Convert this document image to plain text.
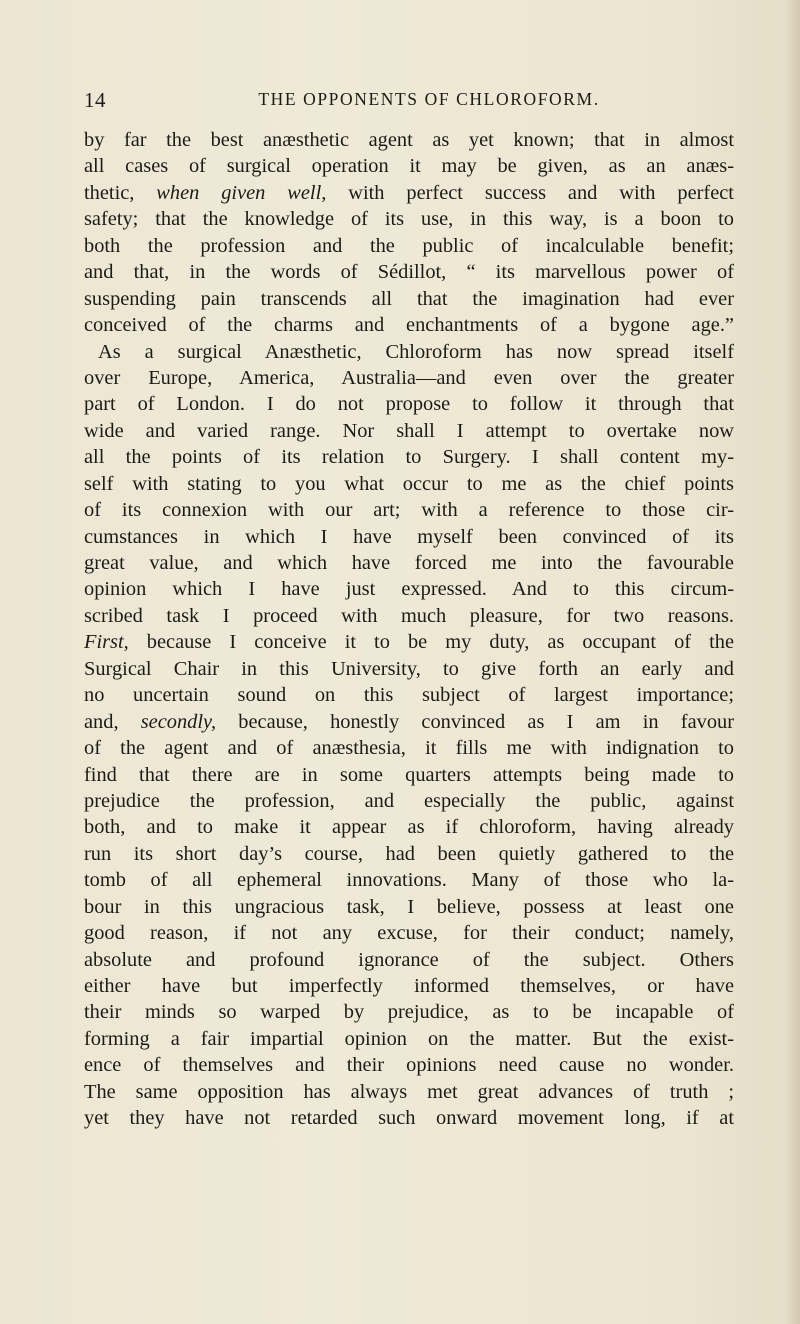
14	THE OPPONENTS OF CHLOROFORM.
by far the best anæsthetic agent as yet known; that in almost
all cases of surgical operation it may be given, as an anæs-
thetic, when given well, with perfect success and with perfect
safety; that the knowledge of its use, in this way, is a boon to
both the profession and the public of incalculable benefit;
and that, in the words of Sédillot, “ its marvellous power of
suspending pain transcends all that the imagination had ever
conceived of the charms and enchantments of a bygone age.”
As a surgical Anæsthetic, Chloroform has now spread itself
over Europe, America, Australia—and even over the greater
part of London. I do not propose to follow it through that
wide and varied range. Nor shall I attempt to overtake now
all the points of its relation to Surgery. I shall content my-
self with stating to you what occur to me as the chief points
of its connexion with our art; with a reference to those cir-
cumstances in which I have myself been convinced of its
great value, and which have forced me into the favourable
opinion which I have just expressed. And to this circum-
scribed task I proceed with much pleasure, for two reasons.
First, because I conceive it to be my duty, as occupant of the
Surgical Chair in this University, to give forth an early and
no uncertain sound on this subject of largest importance;
and, secondly, because, honestly convinced as I am in favour
of the agent and of anæsthesia, it fills me with indignation to
find that there are in some quarters attempts being made to
prejudice the profession, and especially the public, against
both, and to make it appear as if chloroform, having already
run its short day’s course, had been quietly gathered to the
tomb of all ephemeral innovations. Many of those who la-
bour in this ungracious task, I believe, possess at least one
good reason, if not any excuse, for their conduct; namely,
absolute and profound ignorance of the subject. Others
either have but imperfectly informed themselves, or have
their minds so warped by prejudice, as to be incapable of
forming a fair impartial opinion on the matter. But the exist-
ence of themselves and their opinions need cause no wonder.
The same opposition has always met great advances of truth ;
yet they have not retarded such onward movement long, if at
